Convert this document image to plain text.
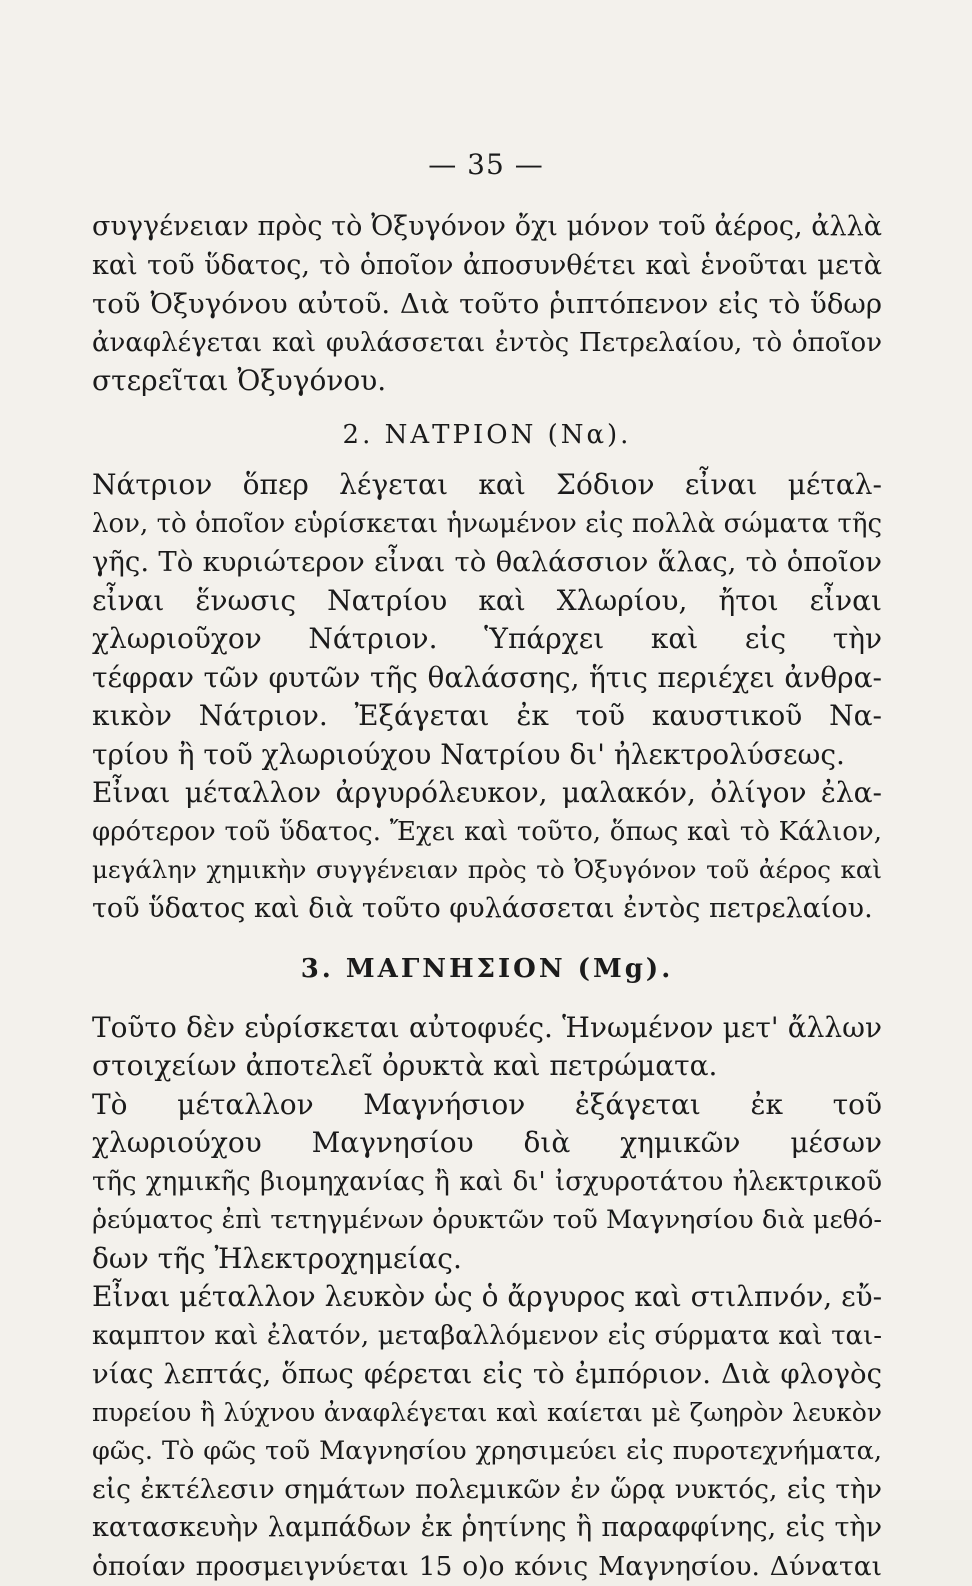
— 35 —

συγγένειαν πρὸς τὸ Ὀξυγόνον ὄχι μόνον τοῦ ἀέρος, ἀλλὰ
καὶ τοῦ ὕδατος, τὸ ὁποῖον ἀποσυνθέτει καὶ ἑνοῦται μετὰ
τοῦ Ὀξυγόνου αὐτοῦ. Διὰ τοῦτο ῥιπτόπενον εἰς τὸ ὕδωρ
ἀναφλέγεται καὶ φυλάσσεται ἐντὸς Πετρελαίου, τὸ ὁποῖον
στερεῖται Ὀξυγόνου.

2. ΝΑΤΡΙΟΝ (Να).

Νάτριον ὅπερ λέγεται καὶ Σόδιον εἶναι μέταλ-
λον, τὸ ὁποῖον εὑρίσκεται ἡνωμένον εἰς πολλὰ σώματα τῆς
γῆς. Τὸ κυριώτερον εἶναι τὸ θαλάσσιον ἅλας, τὸ ὁποῖον
εἶναι ἕνωσις Νατρίου καὶ Χλωρίου, ἤτοι εἶναι
χλωριοῦχον Νάτριον. Ὑπάρχει καὶ εἰς τὴν
τέφραν τῶν φυτῶν τῆς θαλάσσης, ἥτις περιέχει ἀνθρα-
κικὸν Νάτριον. Ἐξάγεται ἐκ τοῦ καυστικοῦ Να-
τρίου ἢ τοῦ χλωριούχου Νατρίου δι' ἠλεκτρολύσεως.

Εἶναι μέταλλον ἀργυρόλευκον, μαλακόν, ὀλίγον ἐλα-
φρότερον τοῦ ὕδατος. Ἔχει καὶ τοῦτο, ὅπως καὶ τὸ Κάλιον,
μεγάλην χημικὴν συγγένειαν πρὸς τὸ Ὀξυγόνον τοῦ ἀέρος καὶ
τοῦ ὕδατος καὶ διὰ τοῦτο φυλάσσεται ἐντὸς πετρελαίου.

3. ΜΑΓΝΗΣΙΟΝ (Mg).

Τοῦτο δὲν εὑρίσκεται αὐτοφυές. Ἡνωμένον μετ' ἄλλων
στοιχείων ἀποτελεῖ ὀρυκτὰ καὶ πετρώματα.

Τὸ μέταλλον Μαγνήσιον ἐξάγεται ἐκ τοῦ
χλωριούχου Μαγνησίου διὰ χημικῶν μέσων
τῆς χημικῆς βιομηχανίας ἢ καὶ δι' ἰσχυροτάτου ἠλεκτρικοῦ
ῥεύματος ἐπὶ τετηγμένων ὀρυκτῶν τοῦ Μαγνησίου διὰ μεθό-
δων τῆς Ἠλεκτροχημείας.

Εἶναι μέταλλον λευκὸν ὡς ὁ ἄργυρος καὶ στιλπνόν, εὔ-
καμπτον καὶ ἐλατόν, μεταβαλλόμενον εἰς σύρματα καὶ ται-
νίας λεπτάς, ὅπως φέρεται εἰς τὸ ἐμπόριον. Διὰ φλογὸς
πυρείου ἢ λύχνου ἀναφλέγεται καὶ καίεται μὲ ζωηρὸν λευκὸν
φῶς. Τὸ φῶς τοῦ Μαγνησίου χρησιμεύει εἰς πυροτεχνήματα,
εἰς ἐκτέλεσιν σημάτων πολεμικῶν ἐν ὥρᾳ νυκτός, εἰς τὴν
κατασκευὴν λαμπάδων ἐκ ῥητίνης ἢ παραφφίνης, εἰς τὴν
ὁποίαν προσμειγνύεται 15 ο)ο κόνις Μαγνησίου. Δύναται
